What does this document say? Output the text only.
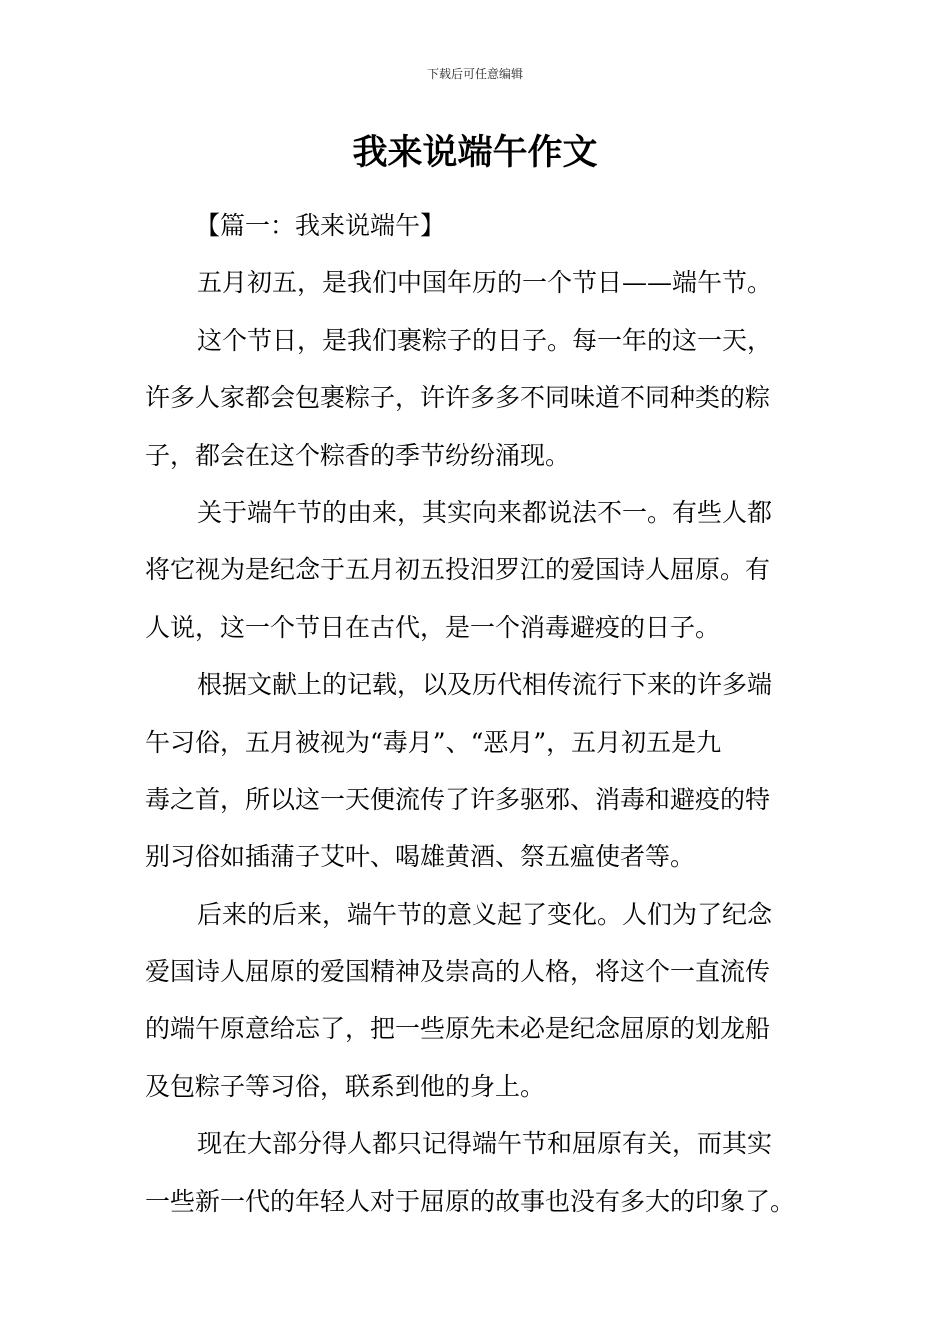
下载后可任意编辑
我来说端午作文
【篇一：我来说端午】
五月初五，是我们中国年历的一个节日——端午节。
这个节日，是我们裹粽子的日子。每一年的这一天，
许多人家都会包裹粽子，许许多多不同味道不同种类的粽
子，都会在这个粽香的季节纷纷涌现。
关于端午节的由来，其实向来都说法不一。有些人都
将它视为是纪念于五月初五投汨罗江的爱国诗人屈原。有
人说，这一个节日在古代，是一个消毒避疫的日子。
根据文献上的记载，以及历代相传流行下来的许多端
午习俗，五月被视为“毒月”、“恶月”，五月初五是九
毒之首，所以这一天便流传了许多驱邪、消毒和避疫的特
别习俗如插蒲子艾叶、喝雄黄酒、祭五瘟使者等。
后来的后来，端午节的意义起了变化。人们为了纪念
爱国诗人屈原的爱国精神及崇高的人格，将这个一直流传
的端午原意给忘了，把一些原先未必是纪念屈原的划龙船
及包粽子等习俗，联系到他的身上。
现在大部分得人都只记得端午节和屈原有关，而其实
一些新一代的年轻人对于屈原的故事也没有多大的印象了。
